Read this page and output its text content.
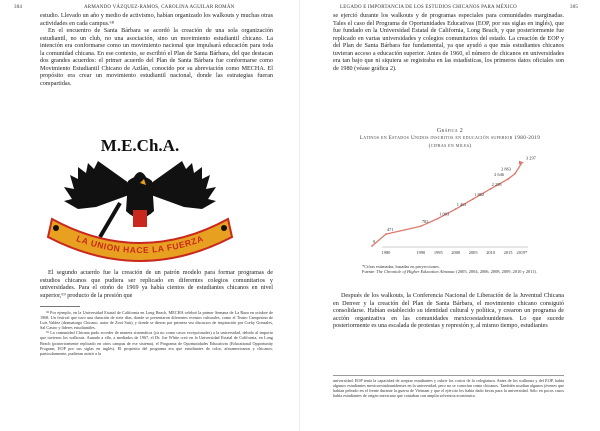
304	ARMANDO VÁZQUEZ-RAMOS, CAROLINA AGUILAR ROMÁN

estudio. Llevado un año y medio de activismo, habían organizado los walkouts y muchas otras actividades en cada campus.⁶⁸

En el encuentro de Santa Bárbara se acordó la creación de una sola organización estudiantil, no un club, no una asociación, sino un movimiento estudiantil chicano. La intención era conformarse como un movimiento nacional que impulsará educación para toda la comunidad chicana. En ese contexto, se escribió el Plan de Santa Bárbara, del que destacan dos grandes acuerdos: el primer acuerdo del Plan de Santa Bárbara fue conformarse como Movimiento Estudiantil Chicano de Aztlán, conocido por su abreviación como MECHA. El propósito era crear un movimiento estudiantil nacional, donde las estrategias fueran compartidas.

M.E.Ch.A.
LA UNION HACE LA FUERZA

El segundo acuerdo fue la creación de un patrón modelo para formar programas de estudios chicanos que pudiera ser replicado en diferentes colegios comunitarios y universidades. Para el otoño de 1969 ya había cientos de estudiantes chicanos en nivel superior,⁶⁹ producto de la presión que

⁶⁸ Por ejemplo, en la Universidad Estatal de California en Long Beach, MECHA celebró la primer Semana de La Raza en octubre de 1968. Un festival que tuvo una duración de siete días, donde se presentaron diferentes eventos culturales, como el Teatro Campesino de Luis Valdez (dramaturgo Chicano, autor de Zoot Suit), y donde se dieron por primera vez discursos de inspiración por Corky Gonzales, Sal Castro y líderes estudiantiles.

⁶⁹ La comunidad Chicana pudo acceder de manera sistemática (ya no como casos excepcionales) a la universidad, debido al impacto que tuvieron los walkouts. Aunado a ello, a mediados de 1967, el Dr. Joe White creó en la Universidad Estatal de California, en Long Beach (posteriormente replicado en otros campus de ese sistema), el Programa de Oportunidades Educativas (Educational Opportunity Program, EOP por sus siglas en inglés). El propósito del programa era que estudiantes de color, afroamericanos y chicanos, particularmente, pudieran asistir a la

LEGADO E IMPORTANCIA DE LOS ESTUDIOS CHICANOS PARA MÉXICO	305

se ejerció durante los walkouts y de programas especiales para comunidades marginadas. Tales el caso del Programa de Oportunidades Educativas (EOP, por sus siglas en inglés), que fue fundado en la Universidad Estatal de California, Long Beach, y que posteriormente fue replicado en varias universidades y colegios comunitarios del estado. La creación de EOP y del Plan de Santa Bárbara fue fundamental, ya que ayudó a que más estudiantes chicanos tuvieran acceso a educación superior. Antes de 1960, el número de chicanos en universidades era tan bajo que ni siquiera se registraba en las estadísticas, los primeros datos oficiales son de 1980 (véase gráfica 2).

Gráfica 2
Latinos en Estados Unidos inscritos en educación superior 1980-2019
(cifras en miles)
1980	1990 1995 2000 2005 2010 2015 2019*
0
471
782
1 093
1 461
1 862
2 259
2 646
2 863
3 297

*Cifras estimadas, basadas en proyecciones.

Fuente: The Chronicle of Higher Education Almanac (2005, 2004, 2006, 2008, 2009, 2010 y 2011).

Después de los walkouts, la Conferencia Nacional de Liberación de la Juventud Chicana en Denver y la creación del Plan de Santa Bárbara, el movimiento chicano consiguió consolidarse. Habían establecido su identidad cultural y política, y crearon un programa de acción organizativa en las comunidades mexicoestadounidenses. Lo que sucede posteriormente es una escalada de protestas y represión y, al mismo tiempo, estudiantes

universidad. EOP tenía la capacidad de aceptar estudiantes y cubrir los costos de la colegiatura. Antes de los walkouts y del EOP, había algunos estudiantes mexicoestadounidenses en la universidad, pero no se conocían como chicanos. También acudían algunos jóvenes que habían peleado en el frente durante la guerra de Vietnam y que el ejército les había dado becas para la universidad. Sólo en pocos casos había estudiantes de origen mexicano que contaban con amplia solvencia económica.
